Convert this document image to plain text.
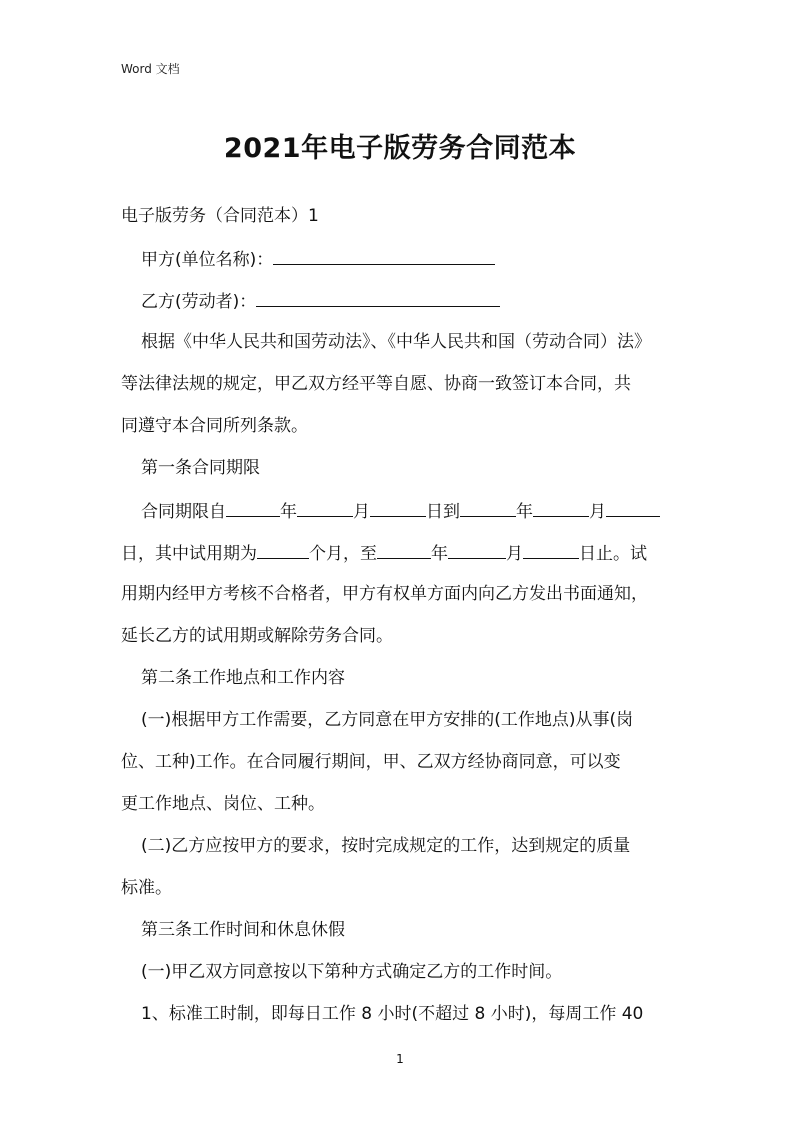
Word 文档
2021年电子版劳务合同范本
电子版劳务（合同范本）1
甲方(单位名称)：
乙方(劳动者)：
根据《中华人民共和国劳动法》、《中华人民共和国（劳动合同）法》
等法律法规的规定，甲乙双方经平等自愿、协商一致签订本合同，共
同遵守本合同所列条款。
第一条合同期限
合同期限自	年	月	日到	年	月
日，其中试用期为	个月，至	年	月	日止。试
用期内经甲方考核不合格者，甲方有权单方面内向乙方发出书面通知，
延长乙方的试用期或解除劳务合同。
第二条工作地点和工作内容
(一)根据甲方工作需要，乙方同意在甲方安排的(工作地点)从事(岗
位、工种)工作。在合同履行期间，甲、乙双方经协商同意，可以变
更工作地点、岗位、工种。
(二)乙方应按甲方的要求，按时完成规定的工作，达到规定的质量
标准。
第三条工作时间和休息休假
(一)甲乙双方同意按以下第种方式确定乙方的工作时间。
1、标准工时制，即每日工作 8 小时(不超过 8 小时)，每周工作 40
1
